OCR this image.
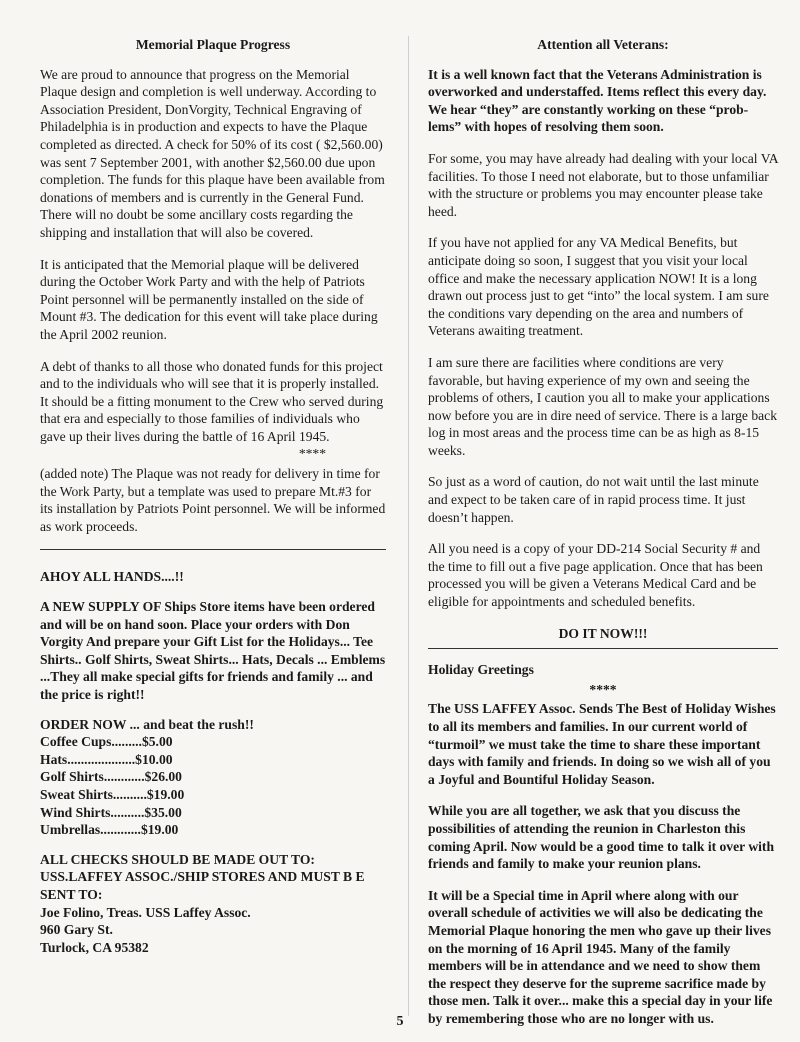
Memorial Plaque Progress

We are proud to announce that progress on the Memorial Plaque design and completion is well underway. According to Association President, DonVorgity, Technical Engraving of Philadelphia is in production and expects to have the Plaque completed as directed. A check for 50% of its cost ( $2,560.00) was sent 7 September 2001, with another $2,560.00 due upon completion. The funds for this plaque have been available from donations of members and is currently in the General Fund. There will no doubt be some ancillary costs regarding the shipping and installation that will also be covered.

It is anticipated that the Memorial plaque will be delivered during the October Work Party and with the help of Patriots Point personnel will be permanently installed on the side of Mount #3. The dedication for this event will take place during the April 2002 reunion.

A debt of thanks to all those who donated funds for this project and to the individuals who will see that it is properly installed. It should be a fitting monument to the Crew who served during that era and especially to those families of individuals who gave up their lives during the battle of 16 April 1945.

****

(added note) The Plaque was not ready for delivery in time for the Work Party, but a template was used to prepare Mt.#3 for its installation by Patriots Point personnel. We will be informed as work proceeds.

AHOY ALL HANDS....!!

A NEW SUPPLY OF Ships Store items have been ordered and will be on hand soon. Place your orders with Don Vorgity And prepare your Gift List for the Holidays... Tee Shirts.. Golf Shirts, Sweat Shirts... Hats, Decals ... Emblems ...They all make special gifts for friends and family ... and the price is right!!

ORDER NOW ... and beat the rush!!

Coffee Cups.........$5.00
Hats....................$10.00
Golf Shirts............$26.00
Sweat Shirts..........$19.00
Wind Shirts..........$35.00
Umbrellas............$19.00

ALL CHECKS SHOULD BE MADE OUT TO: USS.LAFFEY ASSOC./SHIP STORES AND MUST B E SENT TO:

Joe Folino, Treas. USS Laffey Assoc.

960 Gary St.

Turlock, CA 95382

Attention all Veterans:

It is a well known fact that the Veterans Administration is overworked and understaffed. Items reflect this every day. We hear “they” are constantly working on these “prob-lems” with hopes of resolving them soon.

For some, you may have already had dealing with your local VA facilities. To those I need not elaborate, but to those unfamiliar with the structure or problems you may encounter please take heed.

If you have not applied for any VA Medical Benefits, but anticipate doing so soon, I suggest that you visit your local office and make the necessary application NOW! It is a long drawn out process just to get “into” the local system. I am sure the conditions vary depending on the area and numbers of Veterans awaiting treatment.

I am sure there are facilities where conditions are very favorable, but having experience of my own and seeing the problems of others, I caution you all to make your applications now before you are in dire need of service. There is a large back log in most areas and the process time can be as high as 8-15 weeks.

So just as a word of caution, do not wait until the last minute and expect to be taken care of in rapid process time. It just doesn’t happen.

All you need is a copy of your DD-214 Social Security # and the time to fill out a five page application. Once that has been processed you will be given a Veterans Medical Card and be eligible for appointments and scheduled benefits.

DO IT NOW!!!

Holiday Greetings

****

The USS LAFFEY Assoc. Sends The Best of Holiday Wishes to all its members and families. In our current world of “turmoil” we must take the time to share these important days with family and friends. In doing so we wish all of you a Joyful and Bountiful Holiday Season.

While you are all together, we ask that you discuss the possibilities of attending the reunion in Charleston this coming April. Now would be a good time to talk it over with friends and family to make your reunion plans.

It will be a Special time in April where along with our overall schedule of activities we will also be dedicating the Memorial Plaque honoring the men who gave up their lives on the morning of 16 April 1945. Many of the family members will be in attendance and we need to show them the respect they deserve for the supreme sacrifice made by those men. Talk it over... make this a special day in your life by remembering those who are no longer with us.

5
